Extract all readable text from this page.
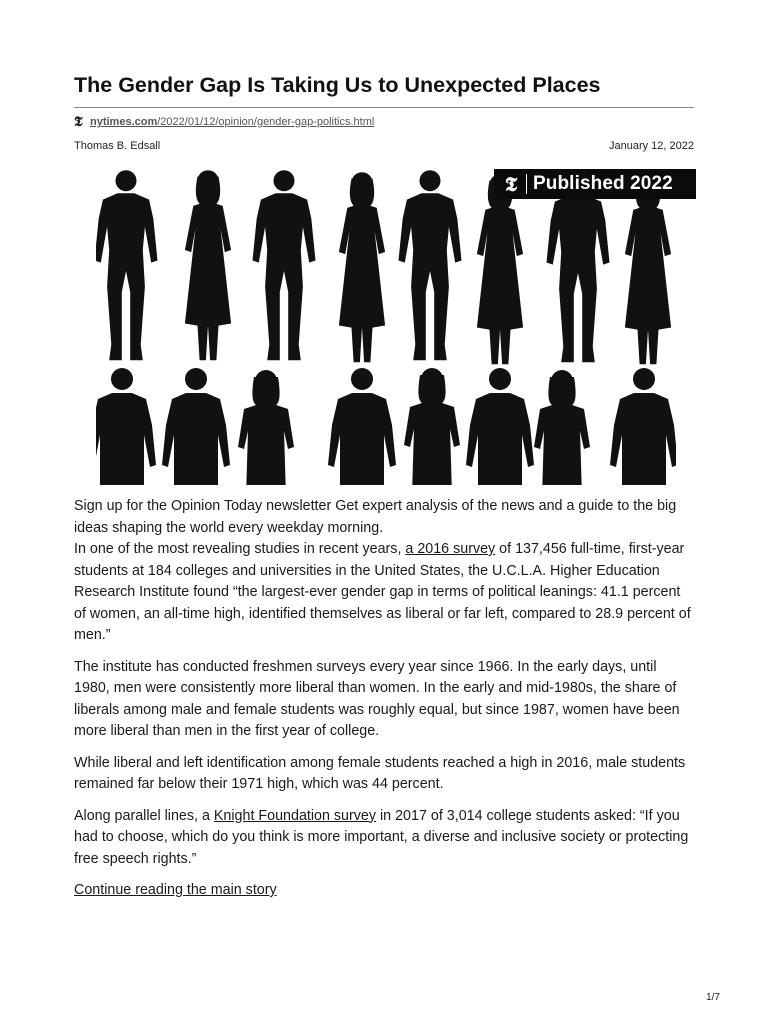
The Gender Gap Is Taking Us to Unexpected Places
𝕿 nytimes.com/2022/01/12/opinion/gender-gap-politics.html
Thomas B. Edsall	January 12, 2022
𝕿 Published 2022

Sign up for the Opinion Today newsletter Get expert analysis of the news and a guide to the big ideas shaping the world every weekday morning.

In one of the most revealing studies in recent years, a 2016 survey of 137,456 full-time, first-year students at 184 colleges and universities in the United States, the U.C.L.A. Higher Education Research Institute found “the largest-ever gender gap in terms of political leanings: 41.1 percent of women, an all-time high, identified themselves as liberal or far left, compared to 28.9 percent of men.”

The institute has conducted freshmen surveys every year since 1966. In the early days, until 1980, men were consistently more liberal than women. In the early and mid-1980s, the share of liberals among male and female students was roughly equal, but since 1987, women have been more liberal than men in the first year of college.

While liberal and left identification among female students reached a high in 2016, male students remained far below their 1971 high, which was 44 percent.

Along parallel lines, a Knight Foundation survey in 2017 of 3,014 college students asked: “If you had to choose, which do you think is more important, a diverse and inclusive society or protecting free speech rights.”

Continue reading the main story

1/7
